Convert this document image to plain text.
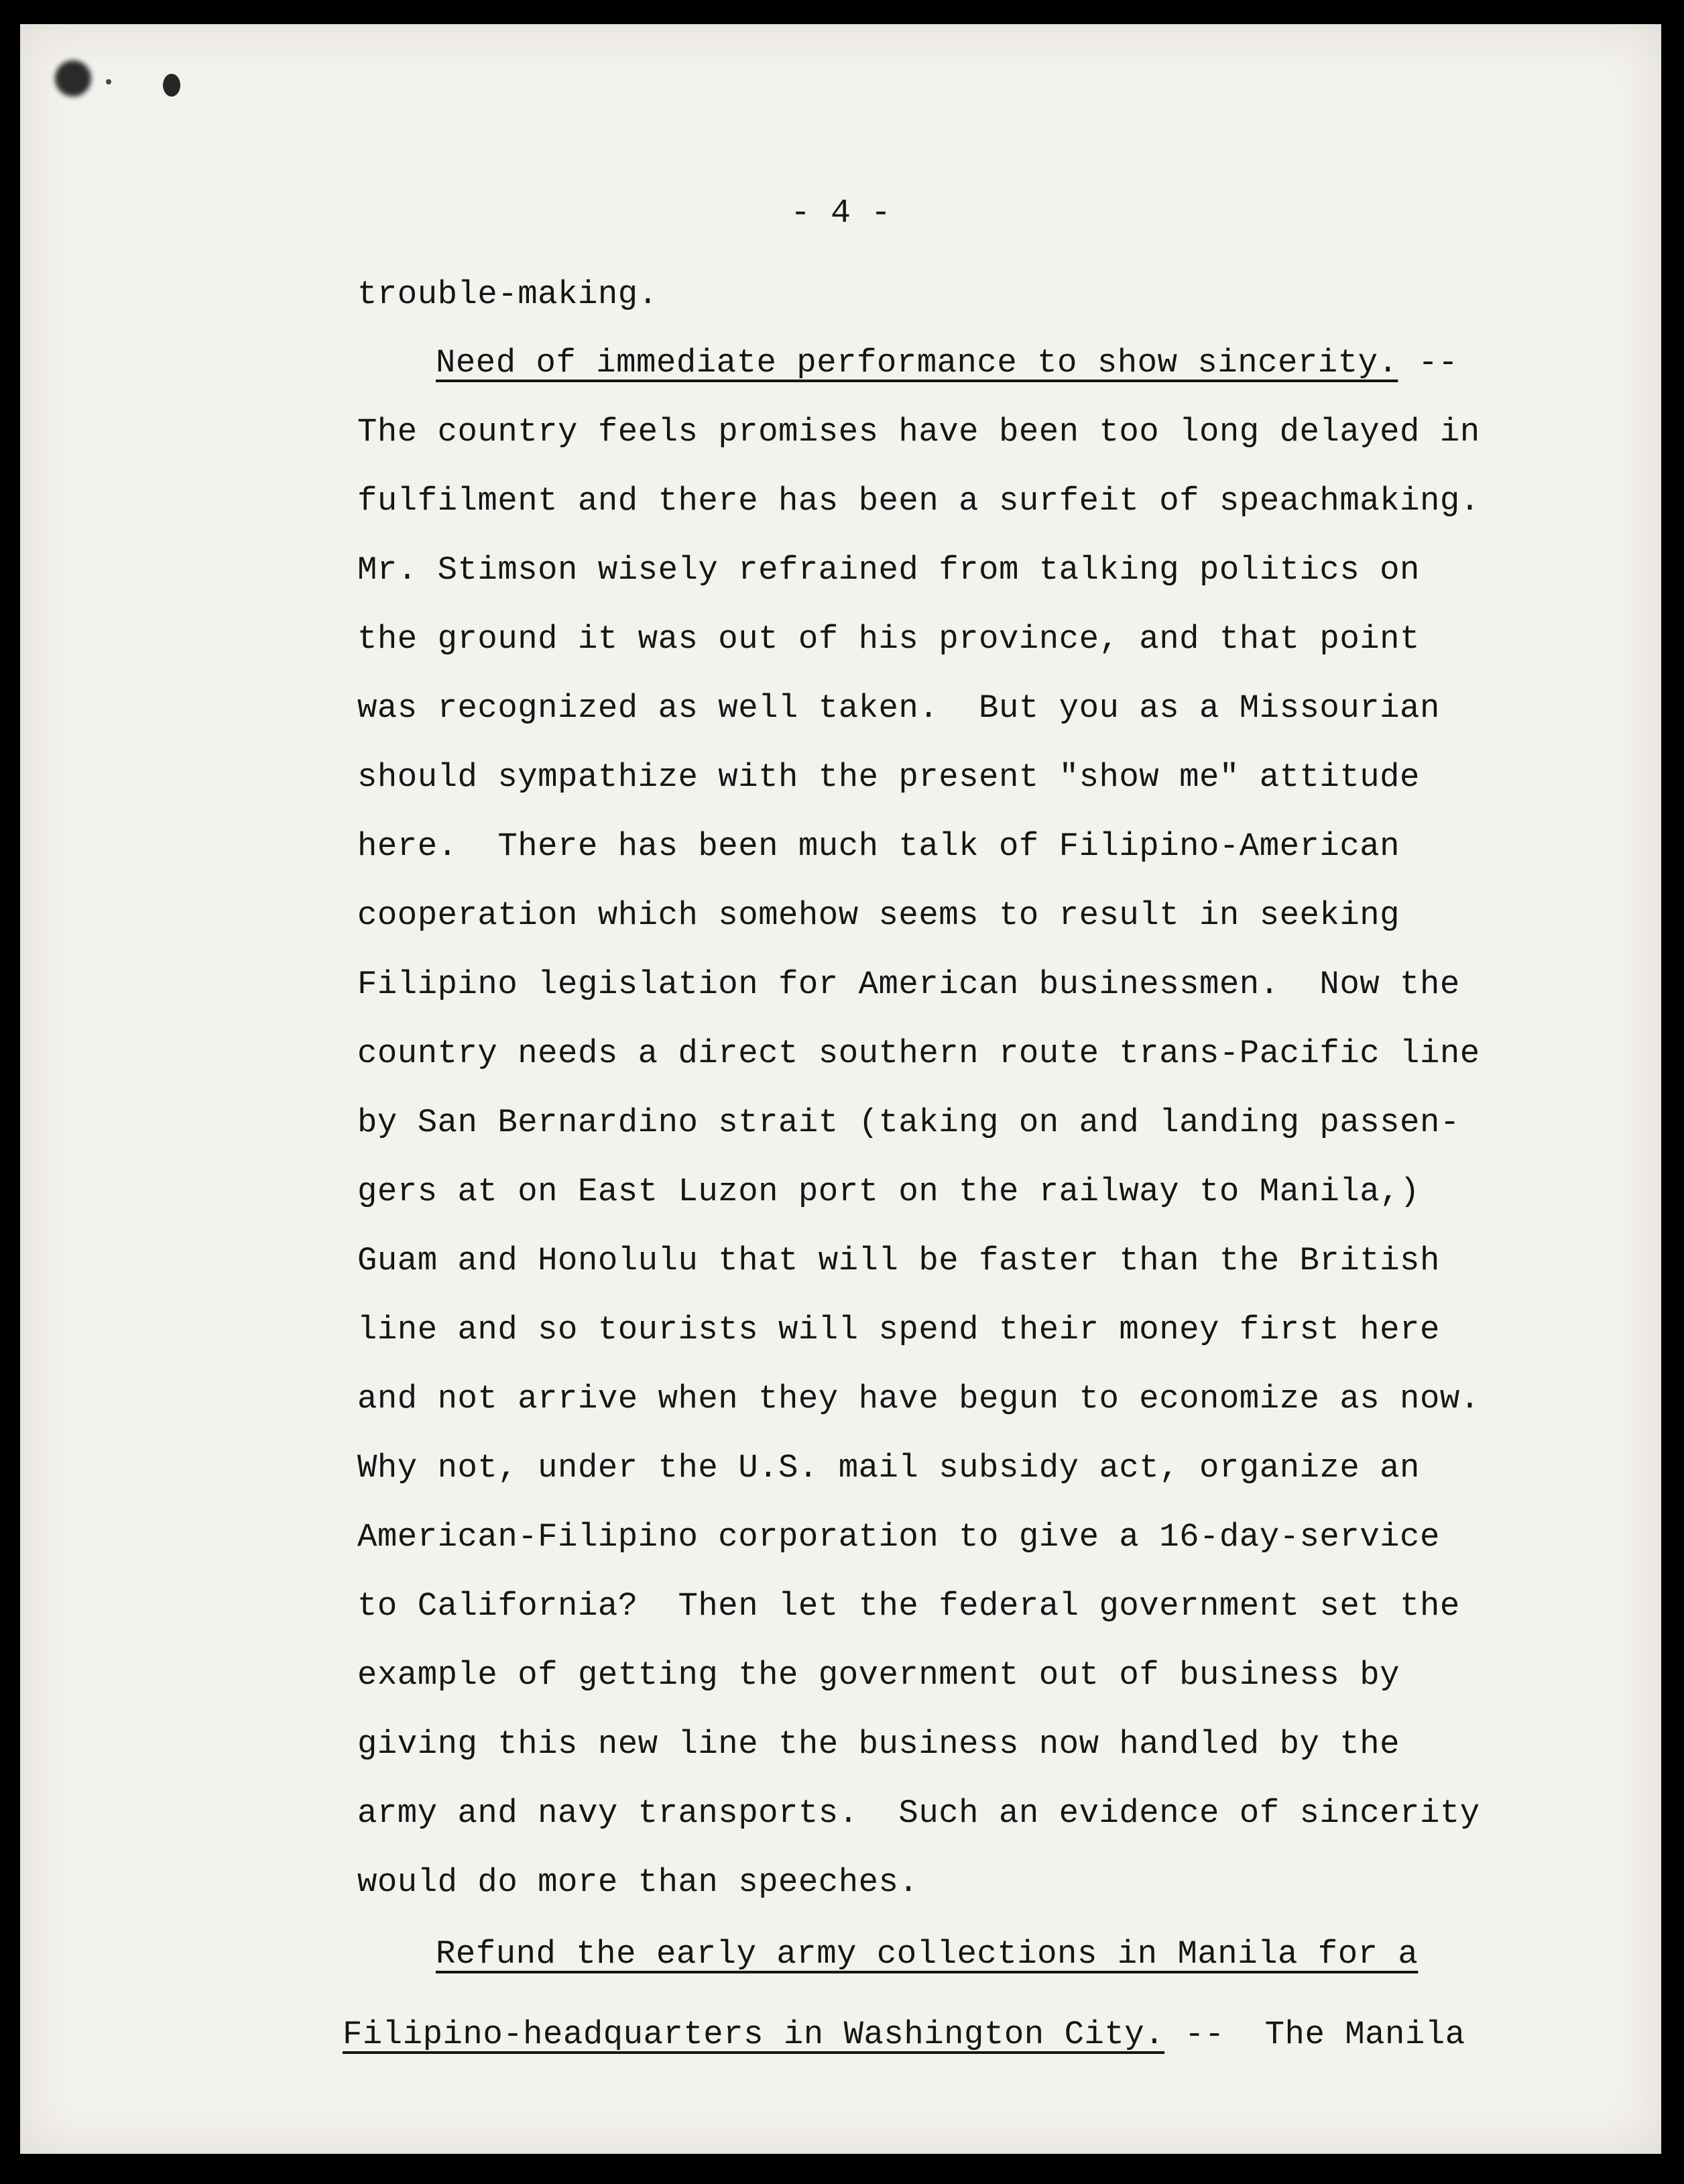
- 4 -
trouble-making.
Need of immediate performance to show sincerity. --
The country feels promises have been too long delayed in
fulfilment and there has been a surfeit of speachmaking.
Mr. Stimson wisely refrained from talking politics on
the ground it was out of his province, and that point
was recognized as well taken.  But you as a Missourian
should sympathize with the present "show me" attitude
here.  There has been much talk of Filipino-American
cooperation which somehow seems to result in seeking
Filipino legislation for American businessmen.  Now the
country needs a direct southern route trans-Pacific line
by San Bernardino strait (taking on and landing passen-
gers at on East Luzon port on the railway to Manila,)
Guam and Honolulu that will be faster than the British
line and so tourists will spend their money first here
and not arrive when they have begun to economize as now.
Why not, under the U.S. mail subsidy act, organize an
American-Filipino corporation to give a 16-day-service
to California?  Then let the federal government set the
example of getting the government out of business by
giving this new line the business now handled by the
army and navy transports.  Such an evidence of sincerity
would do more than speeches.
Refund the early army collections in Manila for a
Filipino-headquarters in Washington City. --  The Manila
